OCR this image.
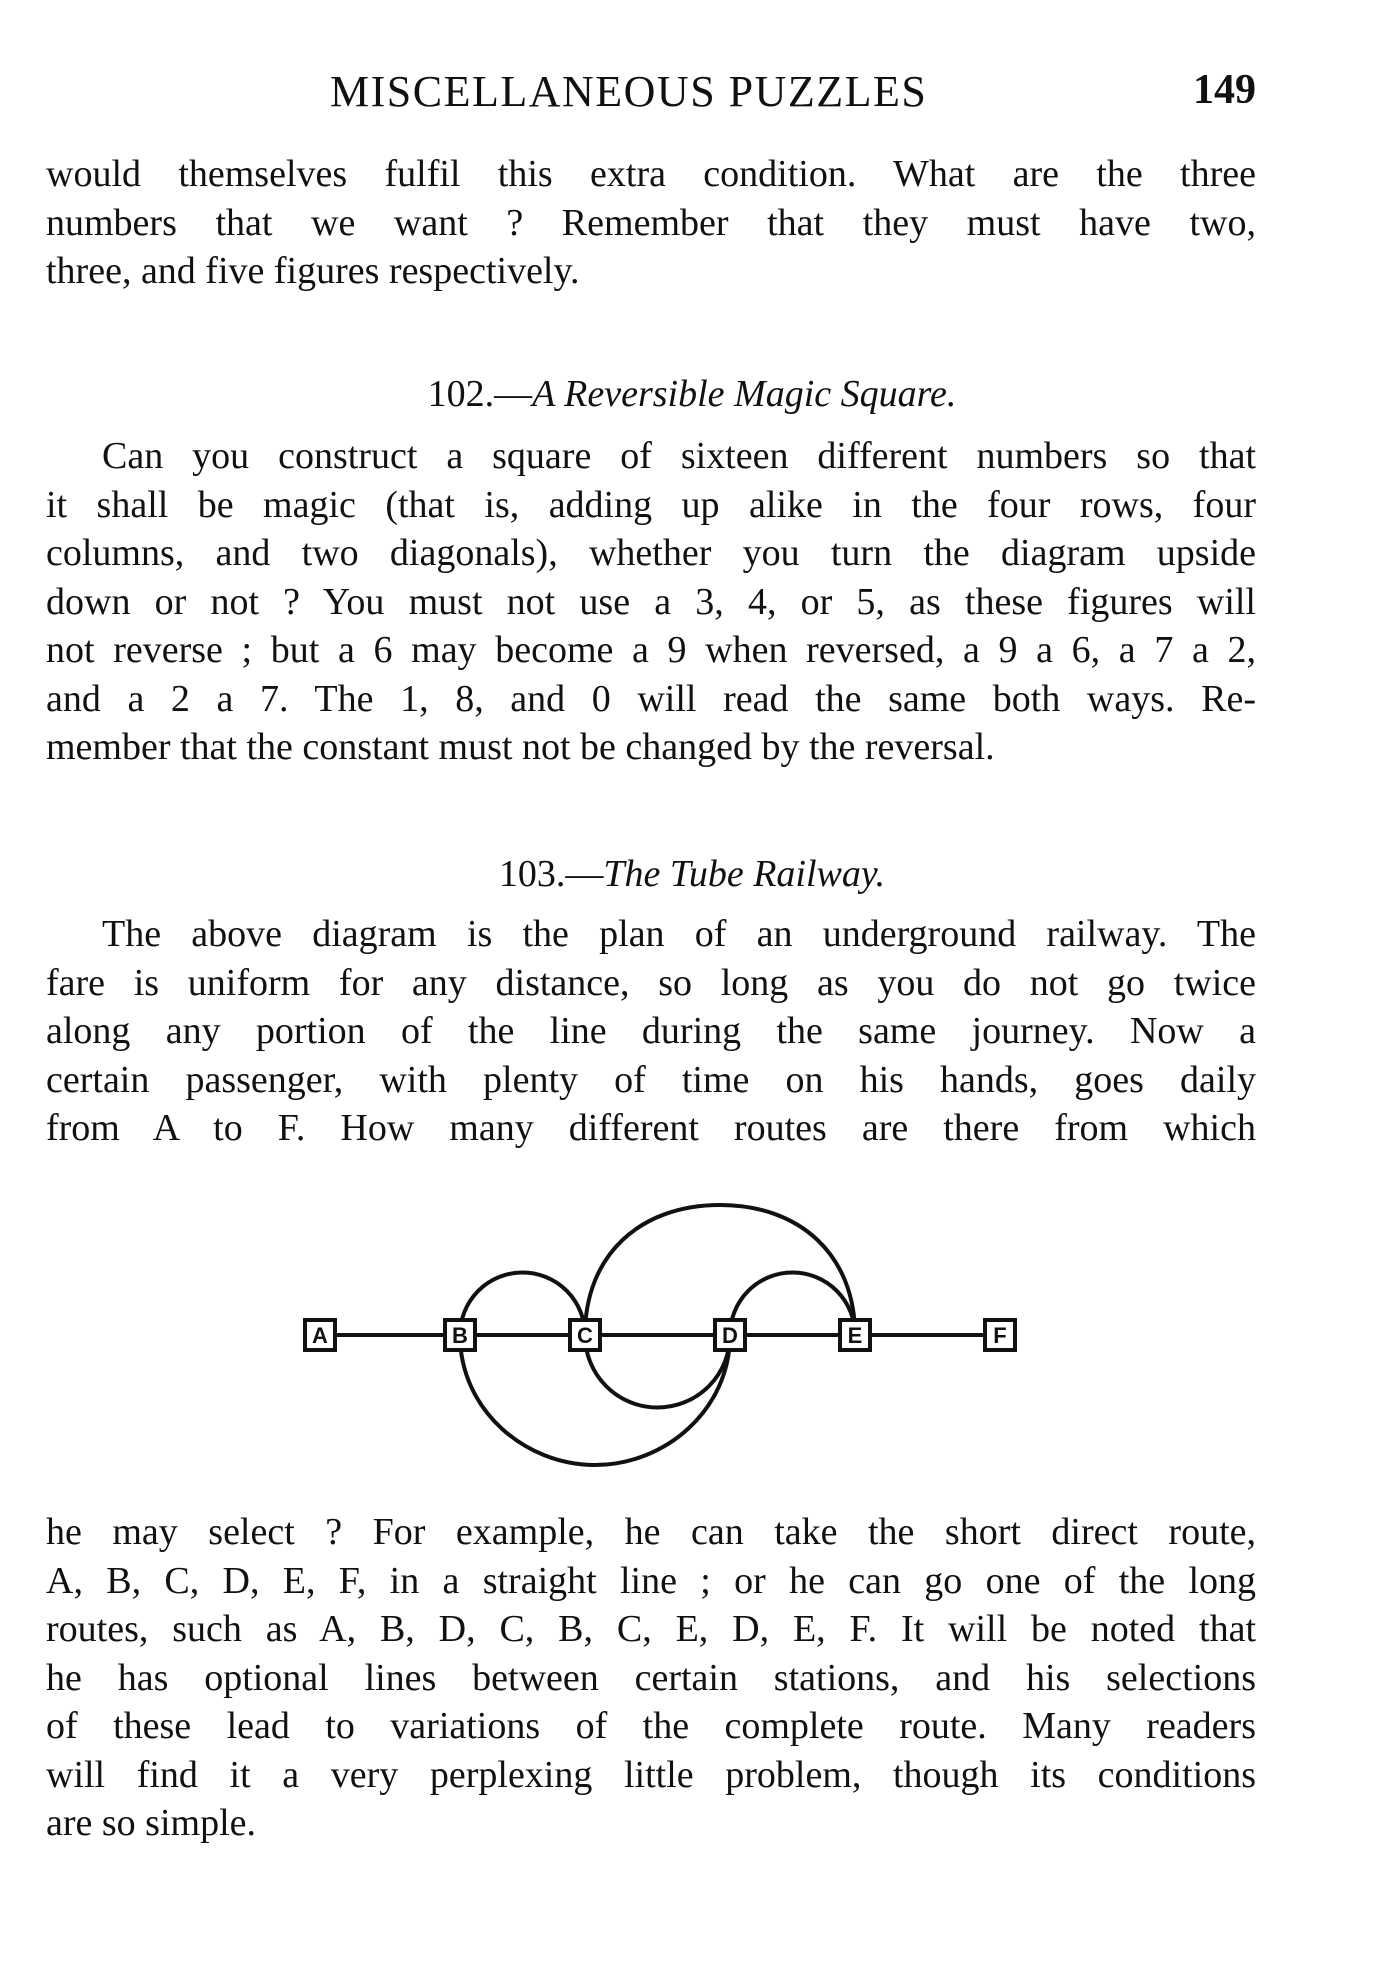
MISCELLANEOUS PUZZLES	149
would themselves fulfil this extra condition. What are the three
numbers that we want ? Remember that they must have two,
three, and five figures respectively.
102.—A Reversible Magic Square.
Can you construct a square of sixteen different numbers so that
it shall be magic (that is, adding up alike in the four rows, four
columns, and two diagonals), whether you turn the diagram upside
down or not ? You must not use a 3, 4, or 5, as these figures will
not reverse ; but a 6 may become a 9 when reversed, a 9 a 6, a 7 a 2,
and a 2 a 7. The 1, 8, and 0 will read the same both ways. Re-
member that the constant must not be changed by the reversal.
103.—The Tube Railway.
The above diagram is the plan of an underground railway. The
fare is uniform for any distance, so long as you do not go twice
along any portion of the line during the same journey. Now a
certain passenger, with plenty of time on his hands, goes daily
from A to F. How many different routes are there from which
A	B	C	D	E	F
he may select ? For example, he can take the short direct route,
A, B, C, D, E, F, in a straight line ; or he can go one of the long
routes, such as A, B, D, C, B, C, E, D, E, F. It will be noted that
he has optional lines between certain stations, and his selections
of these lead to variations of the complete route. Many readers
will find it a very perplexing little problem, though its conditions
are so simple.
